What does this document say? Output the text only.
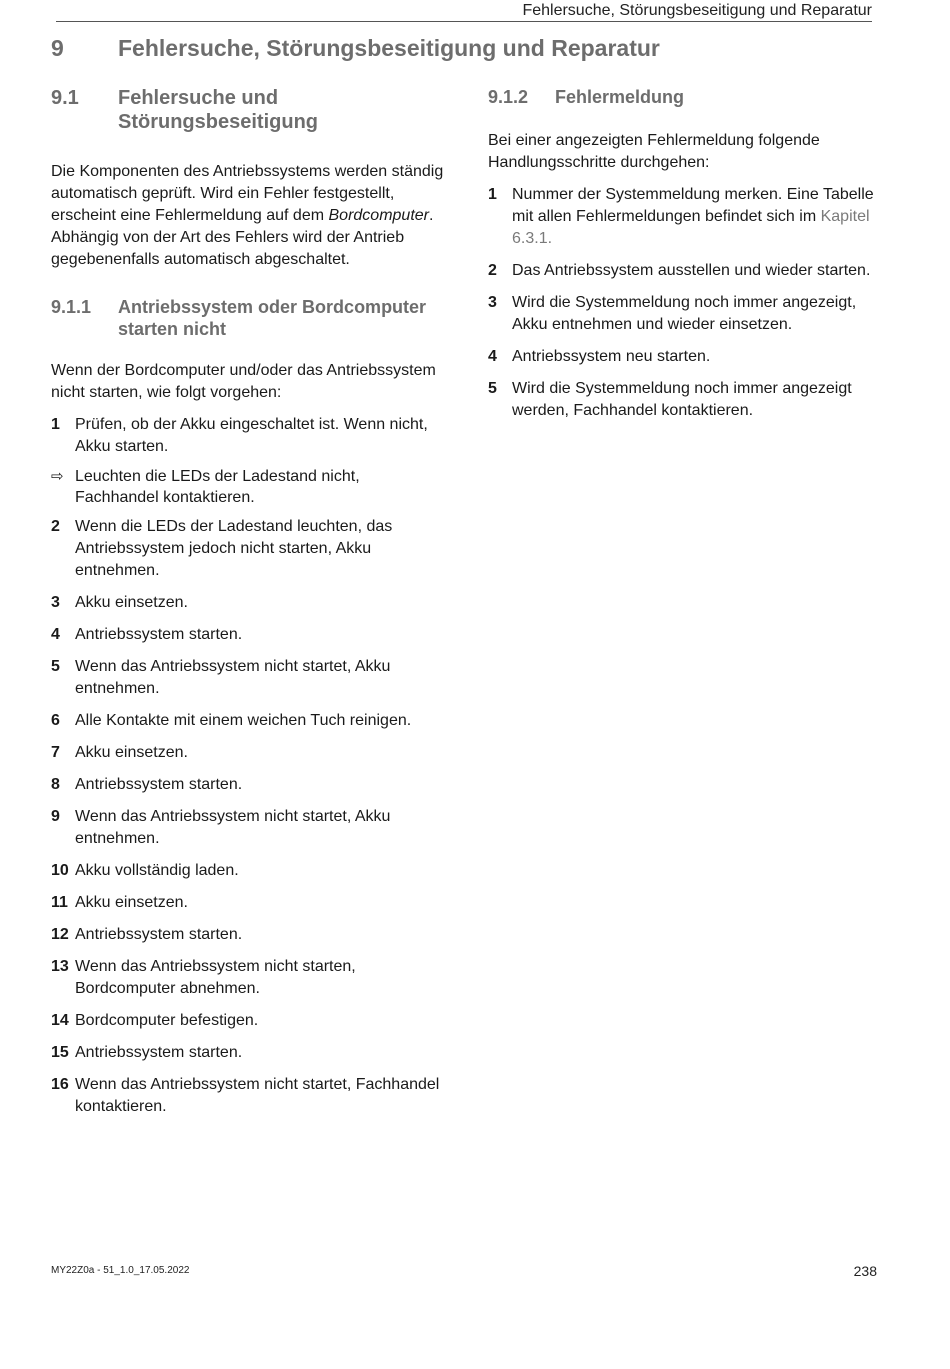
Fehlersuche, Störungsbeseitigung und Reparatur
9 Fehlersuche, Störungsbeseitigung und Reparatur
9.1	Fehlersuche und
Störungsbeseitigung

Die Komponenten des Antriebssystems werden ständig automatisch geprüft. Wird ein Fehler festgestellt, erscheint eine Fehlermeldung auf dem Bordcomputer. Abhängig von der Art des Fehlers wird der Antrieb gegebenenfalls automatisch abgeschaltet.

9.1.1	Antriebssystem oder Bordcomputer starten nicht

Wenn der Bordcomputer und/oder das Antriebssystem nicht starten, wie folgt vorgehen:

1 Prüfen, ob der Akku eingeschaltet ist. Wenn nicht, Akku starten.
⇨ Leuchten die LEDs der Ladestand nicht, Fachhandel kontaktieren.
2 Wenn die LEDs der Ladestand leuchten, das Antriebssystem jedoch nicht starten, Akku entnehmen.
3 Akku einsetzen.
4 Antriebssystem starten.
5 Wenn das Antriebssystem nicht startet, Akku entnehmen.
6 Alle Kontakte mit einem weichen Tuch reinigen.
7 Akku einsetzen.
8 Antriebssystem starten.
9 Wenn das Antriebssystem nicht startet, Akku entnehmen.
10 Akku vollständig laden.
11 Akku einsetzen.
12 Antriebssystem starten.
13 Wenn das Antriebssystem nicht starten, Bordcomputer abnehmen.
14 Bordcomputer befestigen.
15 Antriebssystem starten.
16 Wenn das Antriebssystem nicht startet, Fachhandel kontaktieren.
9.1.2	Fehlermeldung

Bei einer angezeigten Fehlermeldung folgende Handlungsschritte durchgehen:

1 Nummer der Systemmeldung merken. Eine Tabelle mit allen Fehlermeldungen befindet sich im Kapitel 6.3.1.
2 Das Antriebssystem ausstellen und wieder starten.
3 Wird die Systemmeldung noch immer angezeigt, Akku entnehmen und wieder einsetzen.
4 Antriebssystem neu starten.
5 Wird die Systemmeldung noch immer angezeigt werden, Fachhandel kontaktieren.
MY22Z0a - 51_1.0_17.05.2022	238
